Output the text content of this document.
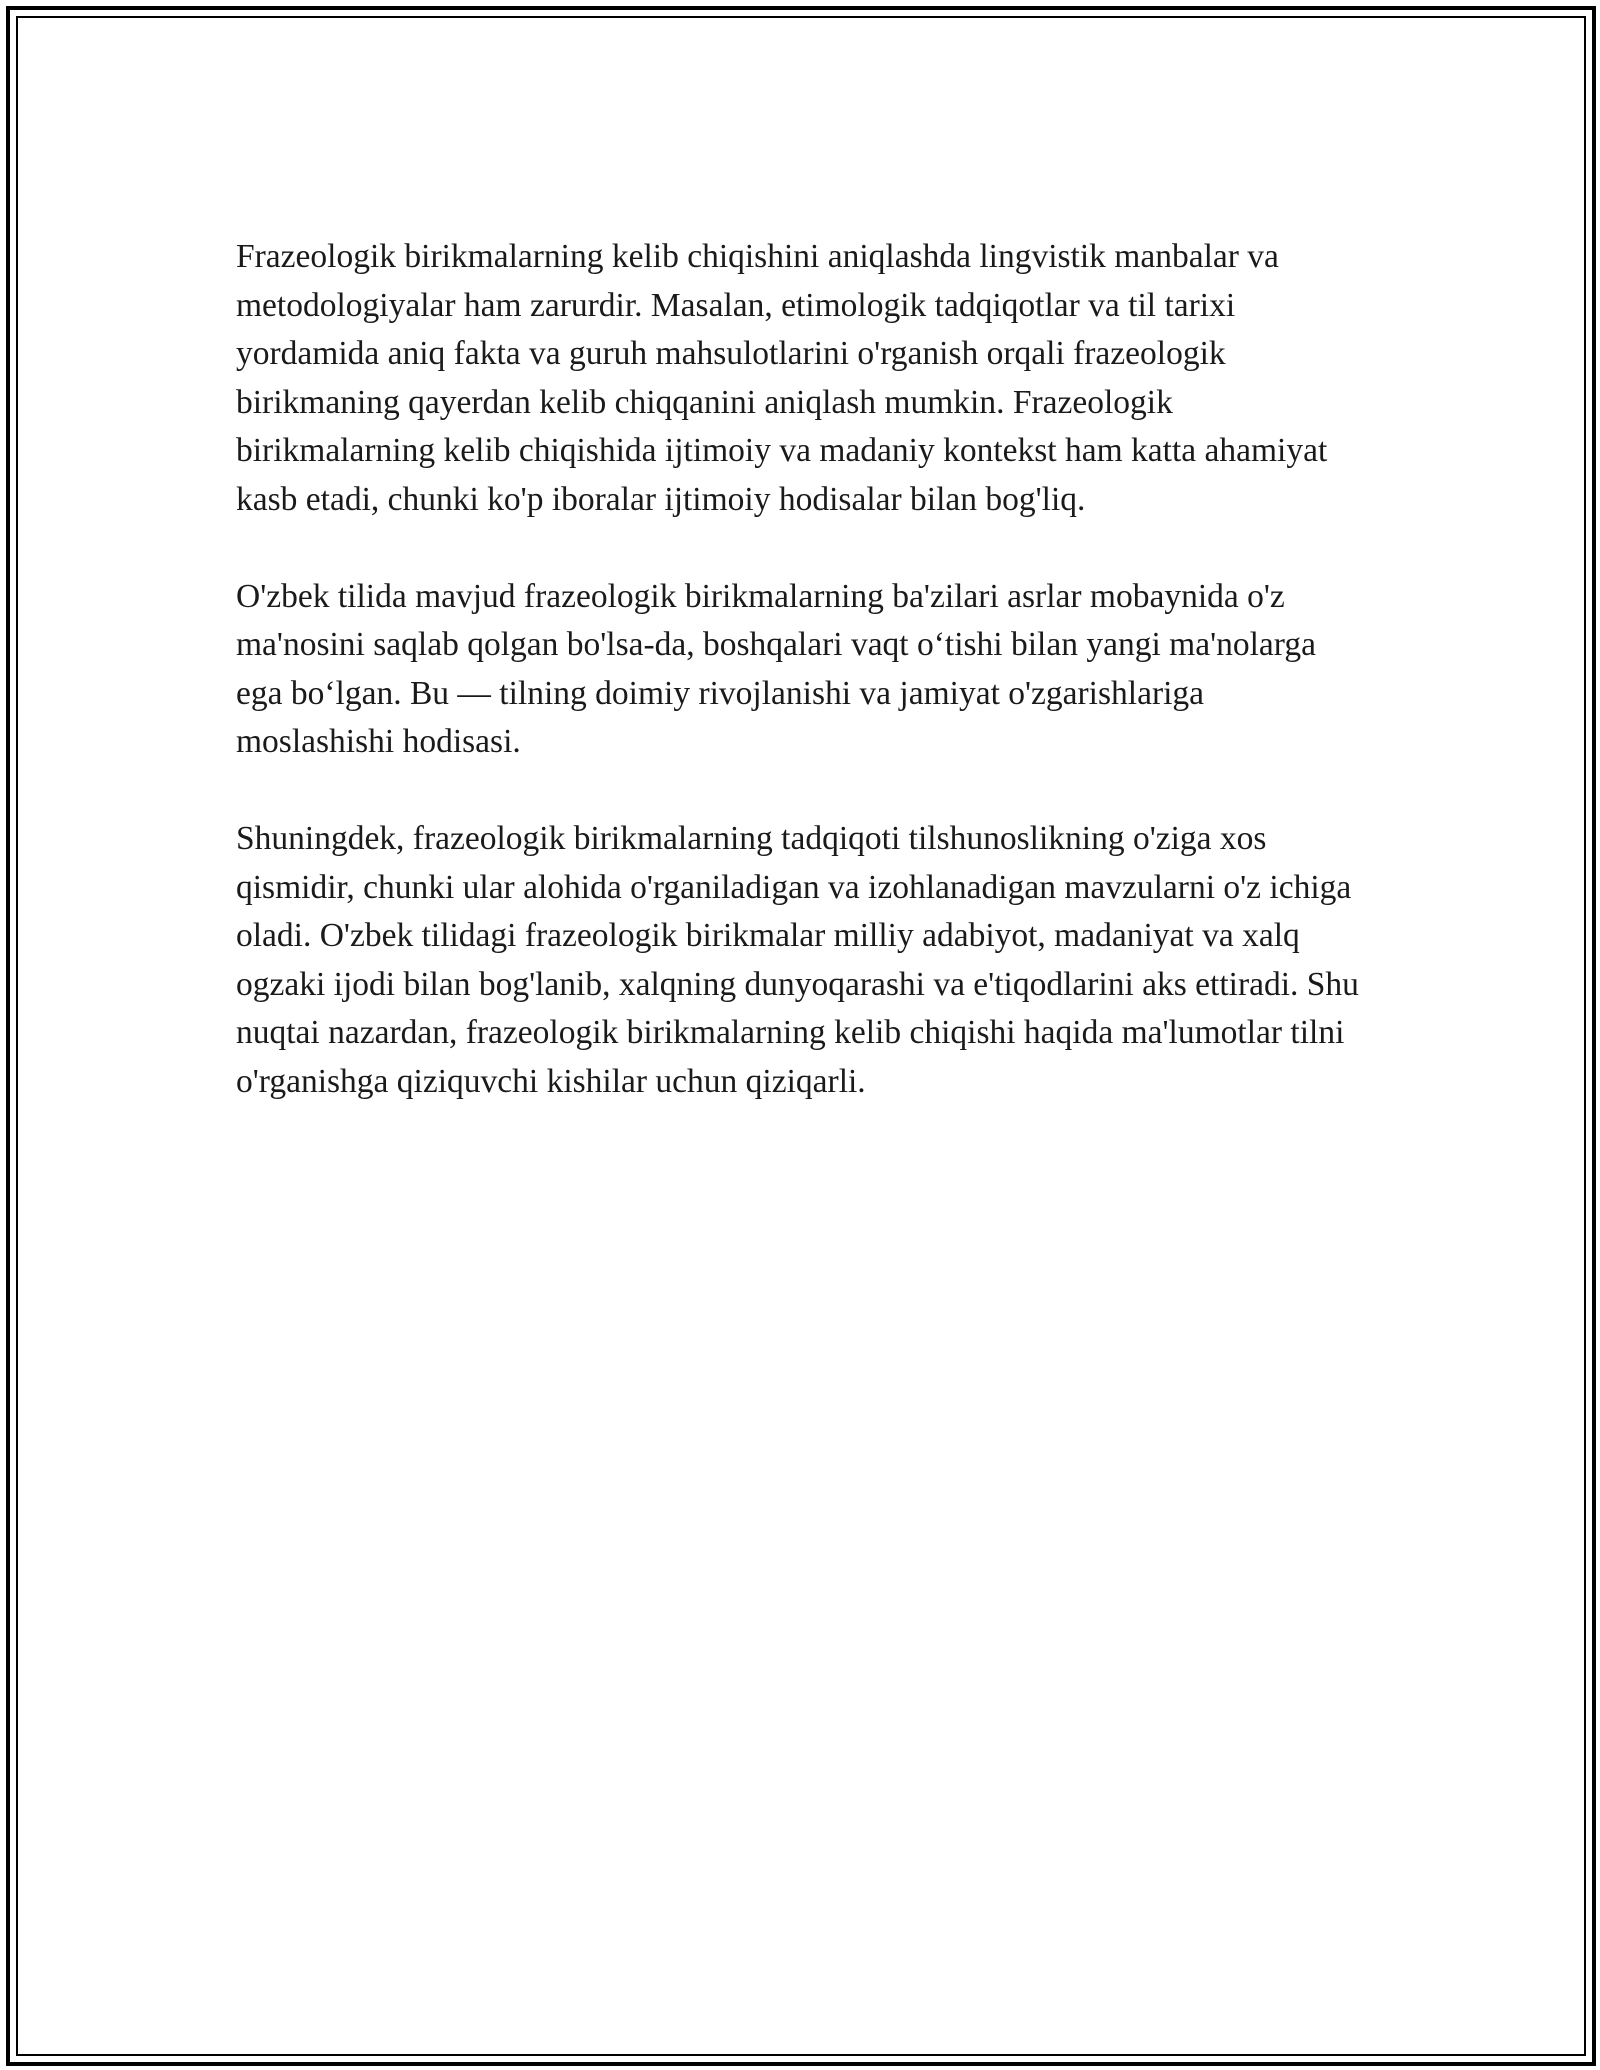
Frazeologik birikmalarning kelib chiqishini aniqlashda lingvistik manbalar va metodologiyalar ham zarurdir. Masalan, etimologik tadqiqotlar va til tarixi yordamida aniq fakta va guruh mahsulotlarini o'rganish orqali frazeologik birikmaning qayerdan kelib chiqqanini aniqlash mumkin. Frazeologik birikmalarning kelib chiqishida ijtimoiy va madaniy kontekst ham katta ahamiyat kasb etadi, chunki ko'p iboralar ijtimoiy hodisalar bilan bog'liq.

O'zbek tilida mavjud frazeologik birikmalarning ba'zilari asrlar mobaynida o'z ma'nosini saqlab qolgan bo'lsa-da, boshqalari vaqt o‘tishi bilan yangi ma'nolarga ega bo‘lgan. Bu — tilning doimiy rivojlanishi va jamiyat o'zgarishlariga moslashishi hodisasi.

Shuningdek, frazeologik birikmalarning tadqiqoti tilshunoslikning o'ziga xos qismidir, chunki ular alohida o'rganiladigan va izohlanadigan mavzularni o'z ichiga oladi. O'zbek tilidagi frazeologik birikmalar milliy adabiyot, madaniyat va xalq ogzaki ijodi bilan bog'lanib, xalqning dunyoqarashi va e'tiqodlarini aks ettiradi. Shu nuqtai nazardan, frazeologik birikmalarning kelib chiqishi haqida ma'lumotlar tilni o'rganishga qiziquvchi kishilar uchun qiziqarli.
